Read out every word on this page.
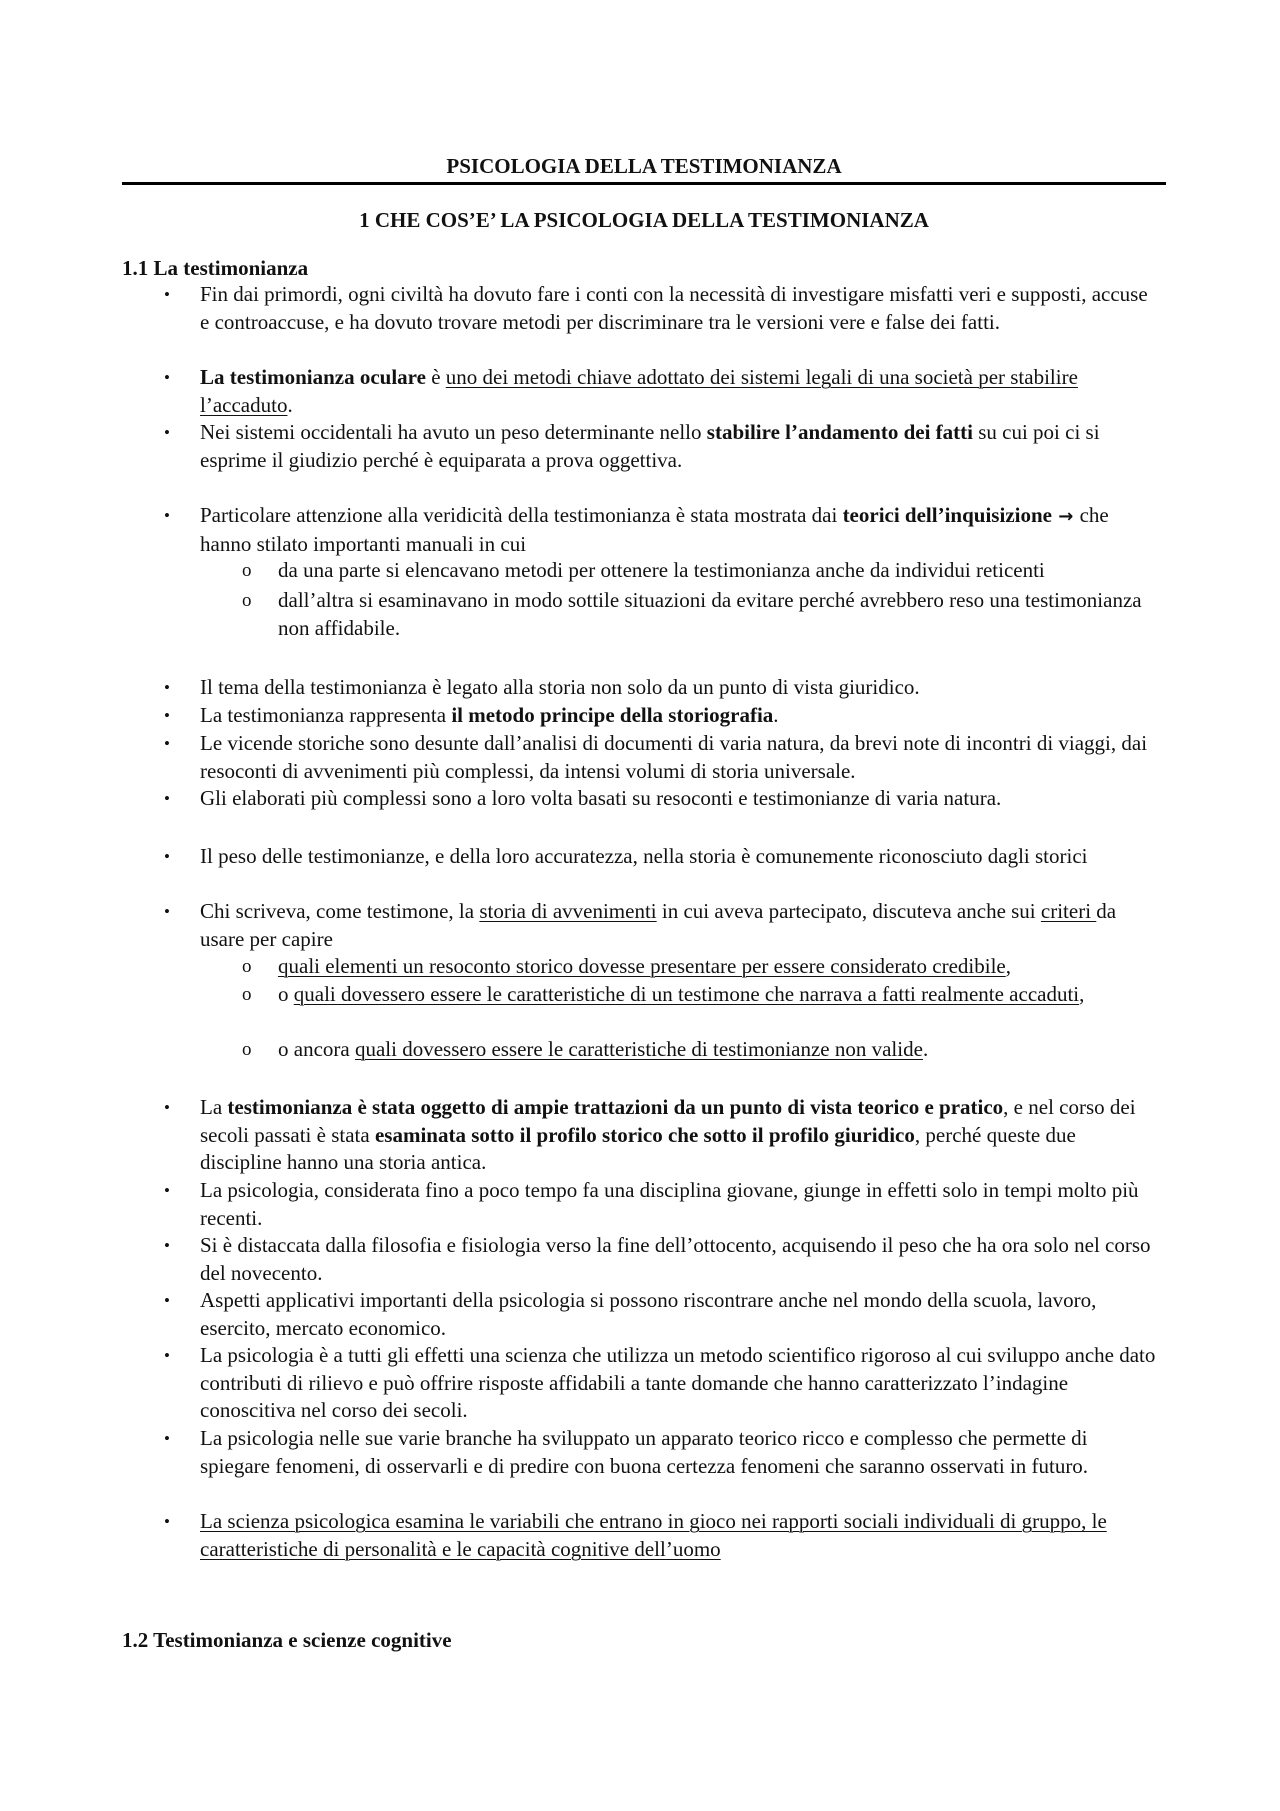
PSICOLOGIA DELLA TESTIMONIANZA
1 CHE COS’E’ LA PSICOLOGIA DELLA TESTIMONIANZA
1.1 La testimonianza
• Fin dai primordi, ogni civiltà ha dovuto fare i conti con la necessità di investigare misfatti veri e supposti, accuse e controaccuse, e ha dovuto trovare metodi per discriminare tra le versioni vere e false dei fatti.
• La testimonianza oculare è uno dei metodi chiave adottato dei sistemi legali di una società per stabilire l’accaduto.
• Nei sistemi occidentali ha avuto un peso determinante nello stabilire l’andamento dei fatti su cui poi ci si esprime il giudizio perché è equiparata a prova oggettiva.
• Particolare attenzione alla veridicità della testimonianza è stata mostrata dai teorici dell’inquisizione → che hanno stilato importanti manuali in cui
o da una parte si elencavano metodi per ottenere la testimonianza anche da individui reticenti
o dall’altra si esaminavano in modo sottile situazioni da evitare perché avrebbero reso una testimonianza non affidabile.
• Il tema della testimonianza è legato alla storia non solo da un punto di vista giuridico.
• La testimonianza rappresenta il metodo principe della storiografia.
• Le vicende storiche sono desunte dall’analisi di documenti di varia natura, da brevi note di incontri di viaggi, dai resoconti di avvenimenti più complessi, da intensi volumi di storia universale.
• Gli elaborati più complessi sono a loro volta basati su resoconti e testimonianze di varia natura.
• Il peso delle testimonianze, e della loro accuratezza, nella storia è comunemente riconosciuto dagli storici
• Chi scriveva, come testimone, la storia di avvenimenti in cui aveva partecipato, discuteva anche sui criteri da usare per capire
o quali elementi un resoconto storico dovesse presentare per essere considerato credibile,
o o quali dovessero essere le caratteristiche di un testimone che narrava a fatti realmente accaduti,
o o ancora quali dovessero essere le caratteristiche di testimonianze non valide.
• La testimonianza è stata oggetto di ampie trattazioni da un punto di vista teorico e pratico, e nel corso dei secoli passati è stata esaminata sotto il profilo storico che sotto il profilo giuridico, perché queste due discipline hanno una storia antica.
• La psicologia, considerata fino a poco tempo fa una disciplina giovane, giunge in effetti solo in tempi molto più recenti.
• Si è distaccata dalla filosofia e fisiologia verso la fine dell’ottocento, acquisendo il peso che ha ora solo nel corso del novecento.
• Aspetti applicativi importanti della psicologia si possono riscontrare anche nel mondo della scuola, lavoro, esercito, mercato economico.
• La psicologia è a tutti gli effetti una scienza che utilizza un metodo scientifico rigoroso al cui sviluppo anche dato contributi di rilievo e può offrire risposte affidabili a tante domande che hanno caratterizzato l’indagine conoscitiva nel corso dei secoli.
• La psicologia nelle sue varie branche ha sviluppato un apparato teorico ricco e complesso che permette di spiegare fenomeni, di osservarli e di predire con buona certezza fenomeni che saranno osservati in futuro.
• La scienza psicologica esamina le variabili che entrano in gioco nei rapporti sociali individuali di gruppo, le caratteristiche di personalità e le capacità cognitive dell’uomo
1.2 Testimonianza e scienze cognitive
